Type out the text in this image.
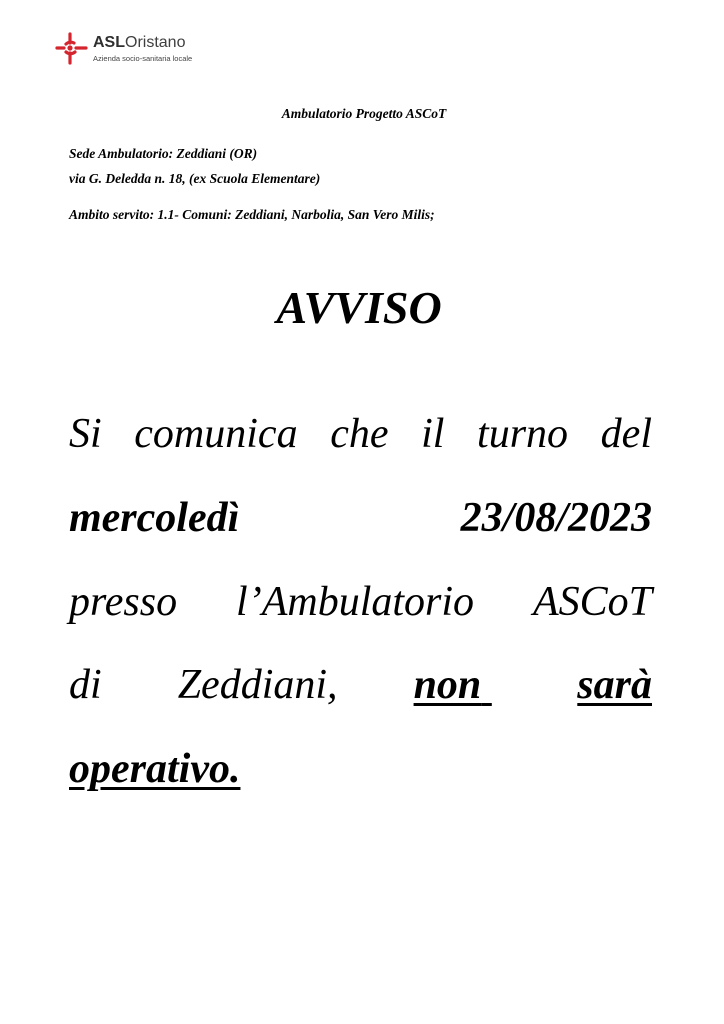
ASLOristano
Azienda socio-sanitaria locale
Ambulatorio Progetto ASCoT
Sede Ambulatorio: Zeddiani (OR)
via G. Deledda n. 18, (ex Scuola Elementare)
Ambito servito: 1.1- Comuni: Zeddiani, Narbolia, San Vero Milis;
AVVISO
Si comunica che il turno del
mercoledì	23/08/2023
presso l’Ambulatorio ASCoT
di Zeddiani, non sarà
operativo.
